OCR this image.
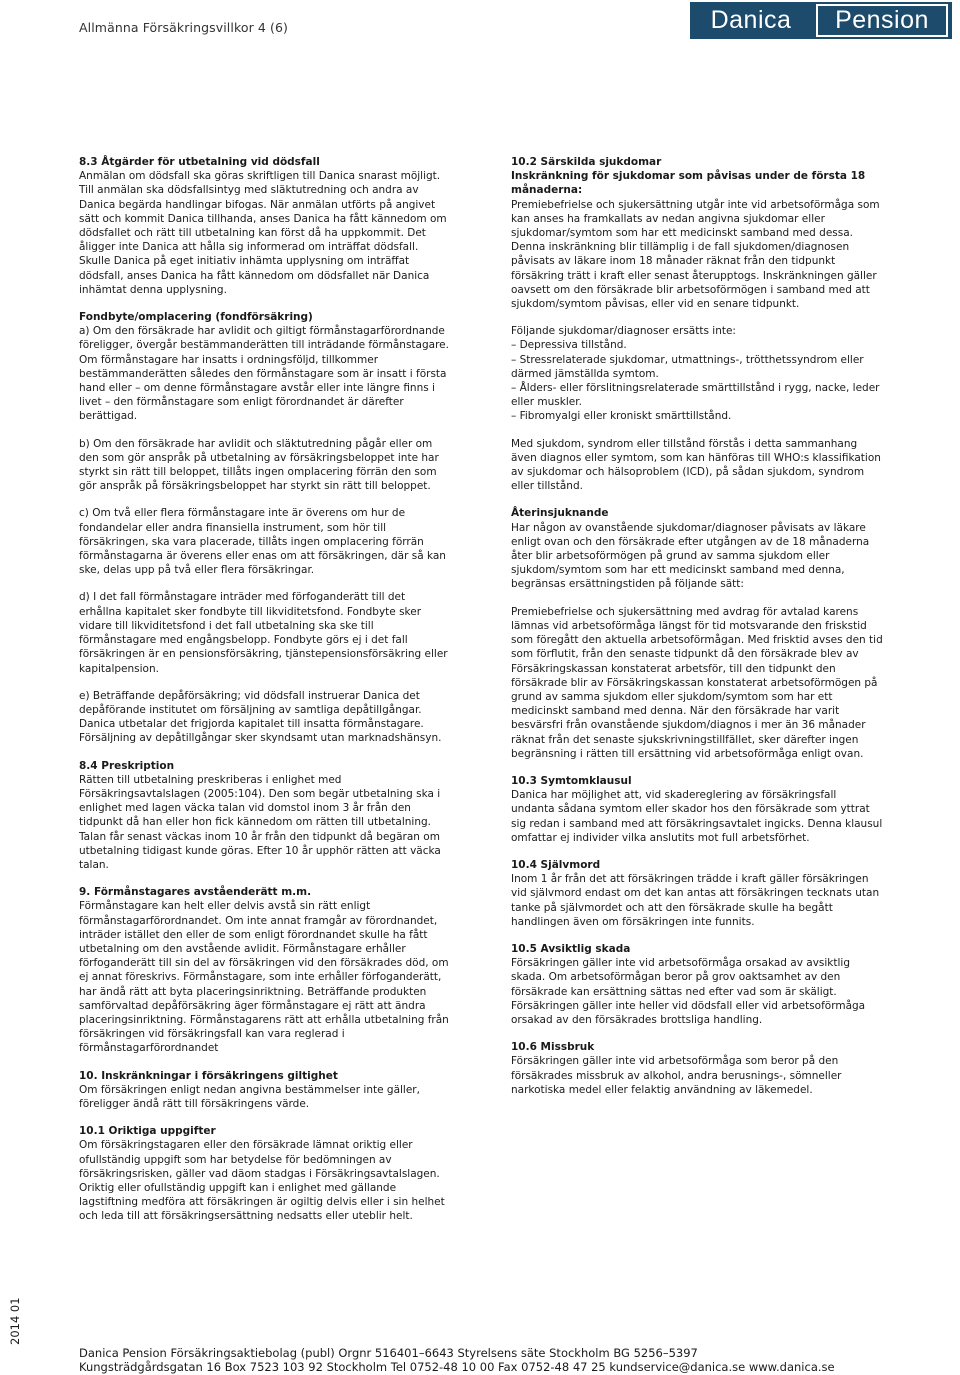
Allmänna Försäkringsvillkor 4 (6)	Danica	Pension
8.3 Åtgärder för utbetalning vid dödsfall
Anmälan om dödsfall ska göras skriftligen till Danica snarast möjligt. Till anmälan ska dödsfallsintyg med släktutredning och andra av Danica begärda handlingar bifogas. När anmälan utförts på angivet sätt och kommit Danica tillhanda, anses Danica ha fått kännedom om dödsfallet och rätt till utbetalning kan först då ha uppkommit. Det åligger inte Danica att hålla sig informerad om inträffat dödsfall. Skulle Danica på eget initiativ inhämta upplysning om inträffat dödsfall, anses Danica ha fått kännedom om dödsfallet när Danica inhämtat denna upplysning.
Fondbyte/omplacering (fondförsäkring)
a) Om den försäkrade har avlidit och giltigt förmånstagarförordnande föreligger, övergår bestämmanderätten till inträdande förmånstagare. Om förmånstagare har insatts i ordningsföljd, tillkommer bestämmanderätten således den förmånstagare som är insatt i första hand eller – om denne förmånstagare avstår eller inte längre finns i livet – den förmånstagare som enligt förordnandet är därefter berättigad.
b) Om den försäkrade har avlidit och släktutredning pågår eller om den som gör anspråk på utbetalning av försäkringsbeloppet inte har styrkt sin rätt till beloppet, tillåts ingen omplacering förrän den som gör anspråk på försäkringsbeloppet har styrkt sin rätt till beloppet.
c) Om två eller flera förmånstagare inte är överens om hur de fondandelar eller andra finansiella instrument, som hör till försäkringen, ska vara placerade, tillåts ingen omplacering förrän förmånstagarna är överens eller enas om att försäkringen, där så kan ske, delas upp på två eller flera försäkringar.
d) I det fall förmånstagare inträder med förfoganderätt till det erhållna kapitalet sker fondbyte till likviditetsfond. Fondbyte sker vidare till likviditetsfond i det fall utbetalning ska ske till förmånstagare med engångsbelopp. Fondbyte görs ej i det fall försäkringen är en pensionsförsäkring, tjänstepensionsförsäkring eller kapitalpension.
e) Beträffande depåförsäkring; vid dödsfall instruerar Danica det depåförande institutet om försäljning av samtliga depåtillgångar. Danica utbetalar det frigjorda kapitalet till insatta förmånstagare. Försäljning av depåtillgångar sker skyndsamt utan marknadshänsyn.
8.4 Preskription
Rätten till utbetalning preskriberas i enlighet med Försäkringsavtalslagen (2005:104). Den som begär utbetalning ska i enlighet med lagen väcka talan vid domstol inom 3 år från den tidpunkt då han eller hon fick kännedom om rätten till utbetalning. Talan får senast väckas inom 10 år från den tidpunkt då begäran om utbetalning tidigast kunde göras. Efter 10 år upphör rätten att väcka talan.
9. Förmånstagares avståenderätt m.m.
Förmånstagare kan helt eller delvis avstå sin rätt enligt förmånstagarförordnandet. Om inte annat framgår av förordnandet, inträder istället den eller de som enligt förordnandet skulle ha fått utbetalning om den avstående avlidit. Förmånstagare erhåller förfoganderätt till sin del av försäkringen vid den försäkrades död, om ej annat föreskrivs. Förmånstagare, som inte erhåller förfoganderätt, har ändå rätt att byta placeringsinriktning. Beträffande produkten samförvaltad depåförsäkring äger förmånstagare ej rätt att ändra placeringsinriktning. Förmånstagarens rätt att erhålla utbetalning från försäkringen vid försäkringsfall kan vara reglerad i förmånstagarförordnandet
10. Inskränkningar i försäkringens giltighet
Om försäkringen enligt nedan angivna bestämmelser inte gäller, föreligger ändå rätt till försäkringens värde.
10.1 Oriktiga uppgifter
Om försäkringstagaren eller den försäkrade lämnat oriktig eller ofullständig uppgift som har betydelse för bedömningen av försäkringsrisken, gäller vad däom stadgas i Försäkringsavtalslagen. Oriktig eller ofullständig uppgift kan i enlighet med gällande lagstiftning medföra att försäkringen är ogiltig delvis eller i sin helhet och leda till att försäkringsersättning nedsatts eller uteblir helt.
10.2 Särskilda sjukdomar
Inskränkning för sjukdomar som påvisas under de första 18 månaderna:
Premiebefrielse och sjukersättning utgår inte vid arbetsoförmåga som kan anses ha framkallats av nedan angivna sjukdomar eller sjukdomar/symtom som har ett medicinskt samband med dessa. Denna inskränkning blir tillämplig i de fall sjukdomen/diagnosen påvisats av läkare inom 18 månader räknat från den tidpunkt försäkring trätt i kraft eller senast återupptogs. Inskränkningen gäller oavsett om den försäkrade blir arbetsoförmögen i samband med att sjukdom/symtom påvisas, eller vid en senare tidpunkt.
Följande sjukdomar/diagnoser ersätts inte:
– Depressiva tillstånd.
– Stressrelaterade sjukdomar, utmattnings-, trötthetssyndrom eller därmed jämställda symtom.
– Ålders- eller förslitningsrelaterade smärttillstånd i rygg, nacke, leder eller muskler.
– Fibromyalgi eller kroniskt smärttillstånd.
Med sjukdom, syndrom eller tillstånd förstås i detta sammanhang även diagnos eller symtom, som kan hänföras till WHO:s klassifikation av sjukdomar och hälsoproblem (ICD), på sådan sjukdom, syndrom eller tillstånd.
Återinsjuknande
Har någon av ovanstående sjukdomar/diagnoser påvisats av läkare enligt ovan och den försäkrade efter utgången av de 18 månaderna åter blir arbetsoförmögen på grund av samma sjukdom eller sjukdom/symtom som har ett medicinskt samband med denna, begränsas ersättningstiden på följande sätt:
Premiebefrielse och sjukersättning med avdrag för avtalad karens lämnas vid arbetsoförmåga längst för tid motsvarande den friskstid som föregått den aktuella arbetsoförmågan. Med frisktid avses den tid som förflutit, från den senaste tidpunkt då den försäkrade blev av Försäkringskassan konstaterat arbetsför, till den tidpunkt den försäkrade blir av Försäkringskassan konstaterat arbetsoförmögen på grund av samma sjukdom eller sjukdom/symtom som har ett medicinskt samband med denna. När den försäkrade har varit besvärsfri från ovanstående sjukdom/diagnos i mer än 36 månader räknat från det senaste sjukskrivningstillfället, sker därefter ingen begränsning i rätten till ersättning vid arbetsoförmåga enligt ovan.
10.3 Symtomklausul
Danica har möjlighet att, vid skadereglering av försäkringsfall undanta sådana symtom eller skador hos den försäkrade som yttrat sig redan i samband med att försäkringsavtalet ingicks. Denna klausul omfattar ej individer vilka anslutits mot full arbetsförhet.
10.4 Självmord
Inom 1 år från det att försäkringen trädde i kraft gäller försäkringen vid självmord endast om det kan antas att försäkringen tecknats utan tanke på självmordet och att den försäkrade skulle ha begått handlingen även om försäkringen inte funnits.
10.5 Avsiktlig skada
Försäkringen gäller inte vid arbetsoförmåga orsakad av avsiktlig skada. Om arbetsoförmågan beror på grov oaktsamhet av den försäkrade kan ersättning sättas ned efter vad som är skäligt. Försäkringen gäller inte heller vid dödsfall eller vid arbetsoförmåga orsakad av den försäkrades brottsliga handling.
10.6 Missbruk
Försäkringen gäller inte vid arbetsoförmåga som beror på den försäkrades missbruk av alkohol, andra berusnings-, sömneller narkotiska medel eller felaktig användning av läkemedel.
2014 01
Danica Pension Försäkringsaktiebolag (publ) Orgnr 516401–6643 Styrelsens säte Stockholm BG 5256–5397
Kungsträdgårdsgatan 16 Box 7523 103 92 Stockholm Tel 0752-48 10 00 Fax 0752-48 47 25 kundservice@danica.se www.danica.se
